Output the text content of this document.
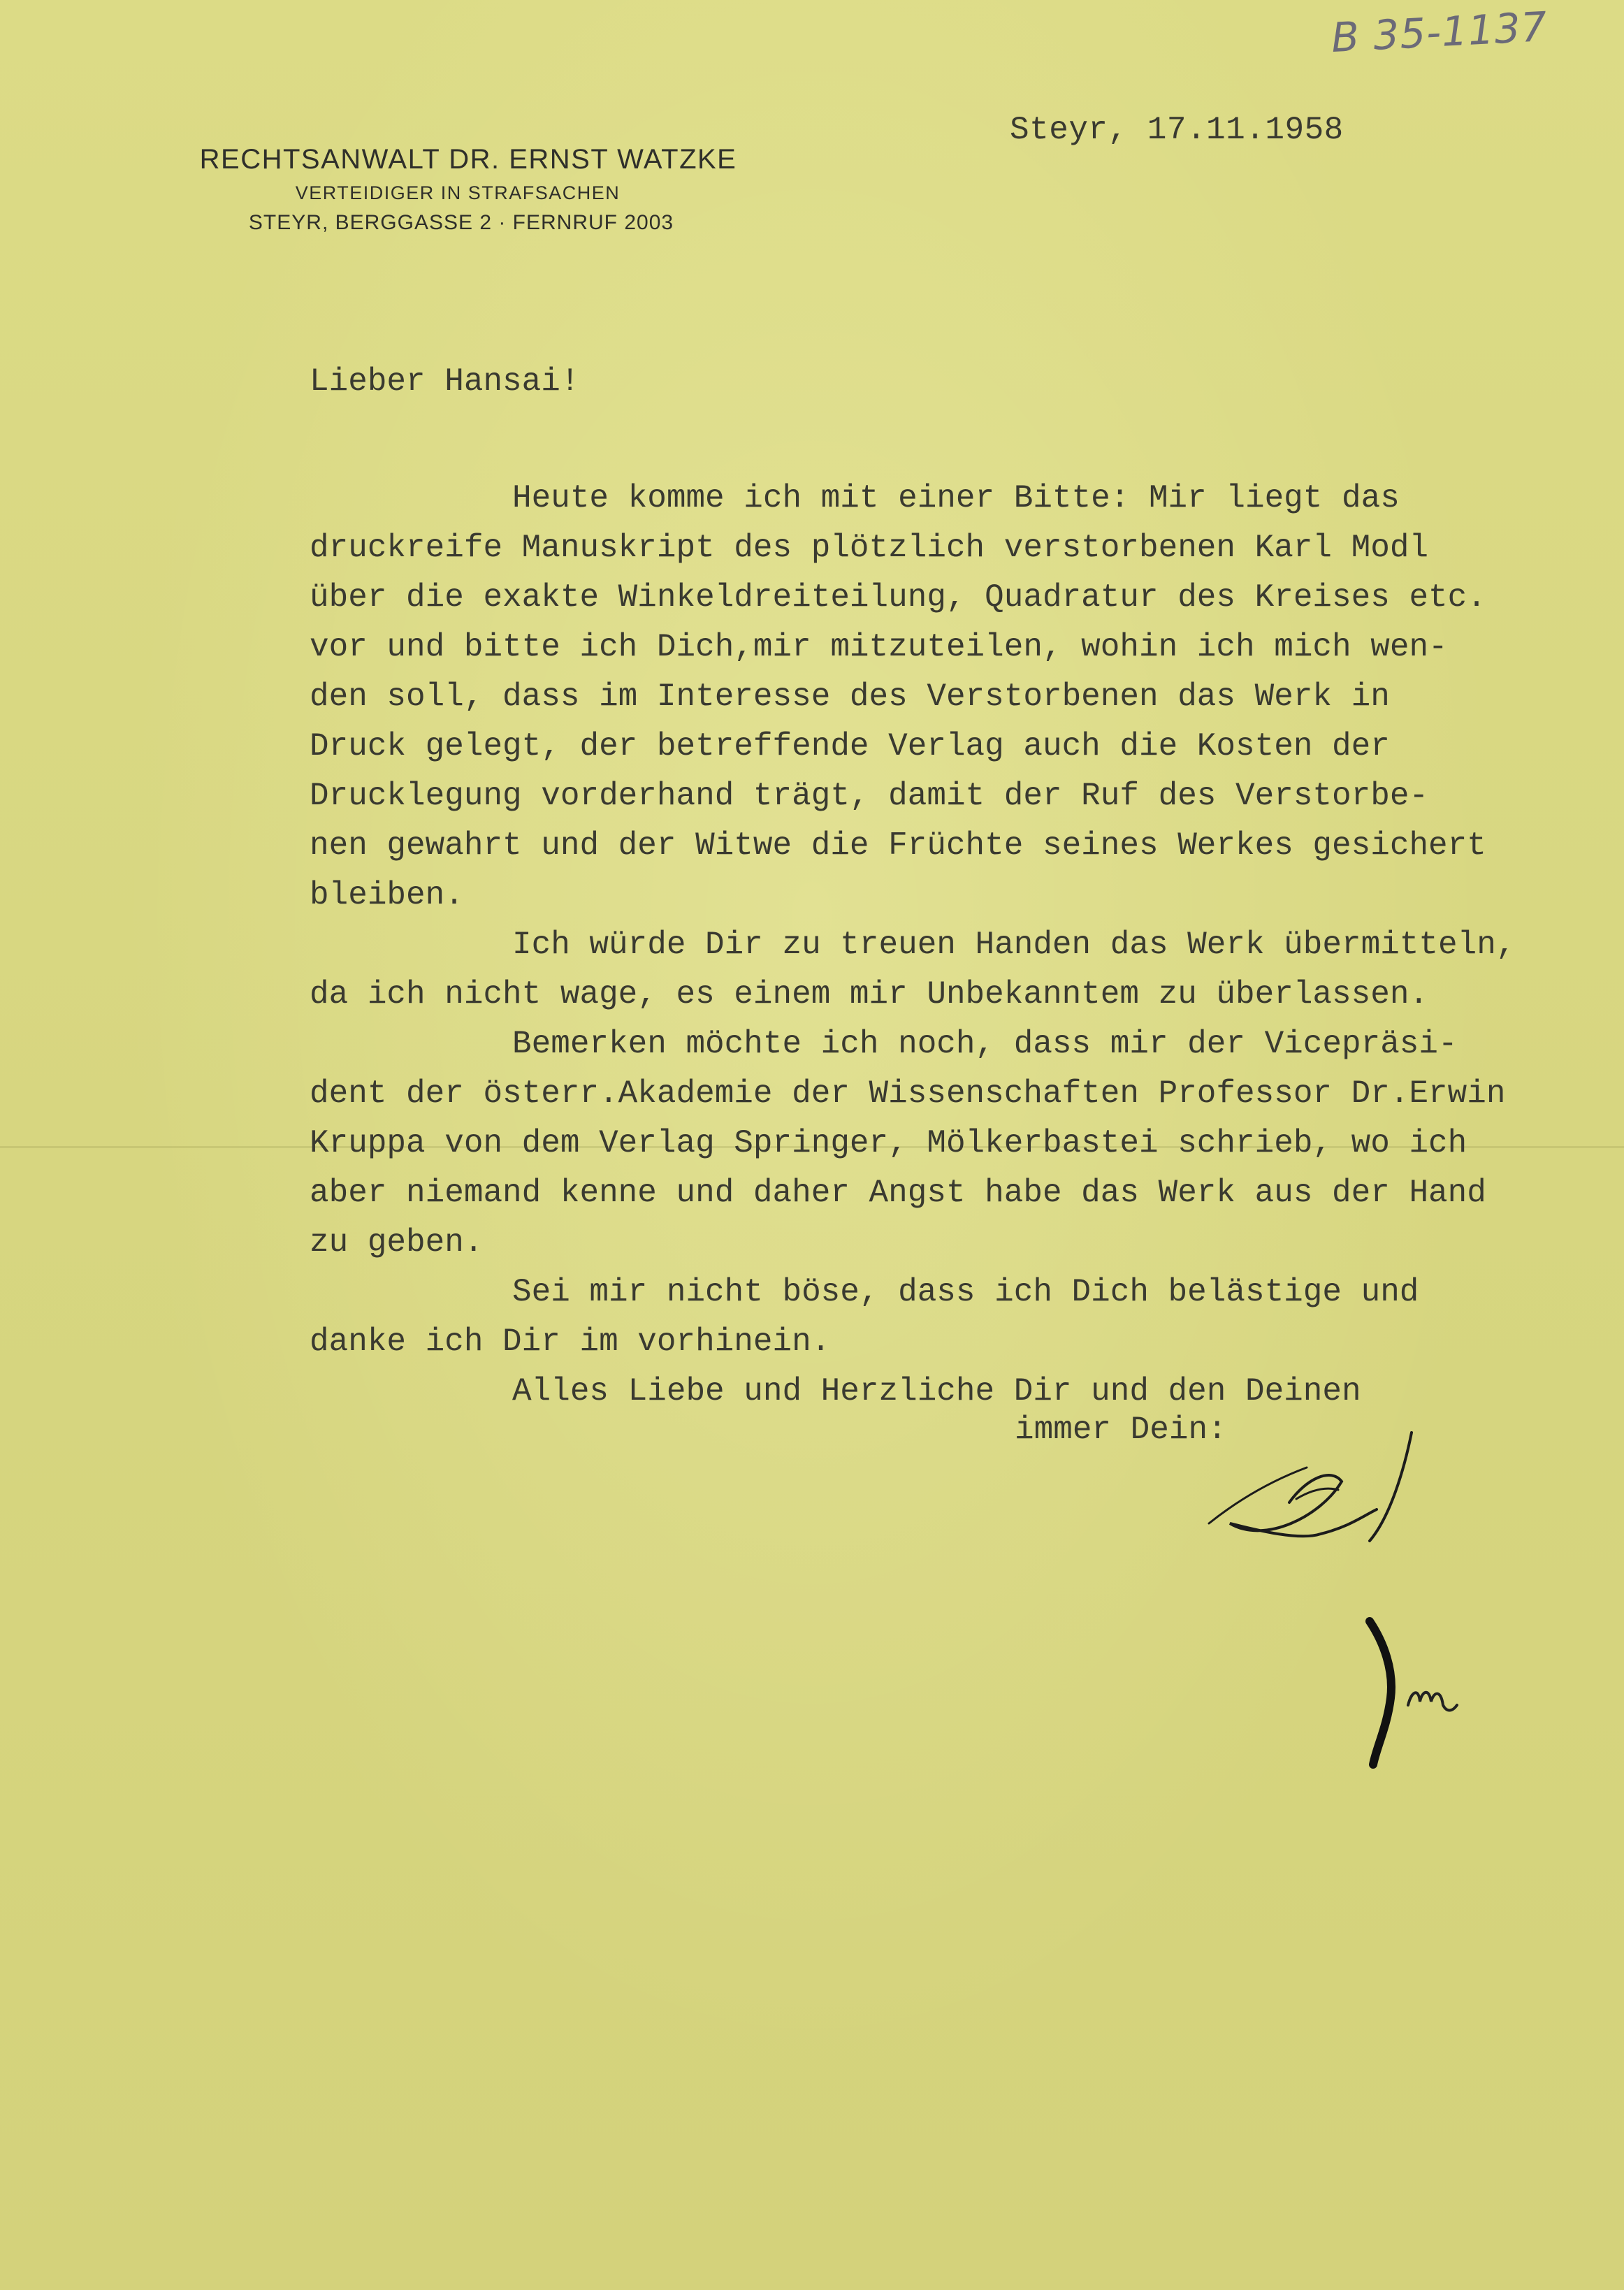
B 35-1137
RECHTSANWALT DR. ERNST WATZKE
VERTEIDIGER IN STRAFSACHEN
STEYR, BERGGASSE 2 · FERNRUF 2003
Steyr, 17.11.1958
Lieber Hansai!
Heute komme ich mit einer Bitte: Mir liegt das
druckreife Manuskript des plötzlich verstorbenen Karl Modl
über die exakte Winkeldreiteilung, Quadratur des Kreises etc.
vor und bitte ich Dich,mir mitzuteilen, wohin ich mich wen-
den soll, dass im Interesse des Verstorbenen das Werk in
Druck gelegt, der betreffende Verlag auch die Kosten der
Drucklegung vorderhand trägt, damit der Ruf des Verstorbe-
nen gewahrt und der Witwe die Früchte seines Werkes gesichert
bleiben.
Ich würde Dir zu treuen Handen das Werk übermitteln,
da ich nicht wage, es einem mir Unbekanntem zu überlassen.
Bemerken möchte ich noch, dass mir der Vicepräsi-
dent der österr.Akademie der Wissenschaften Professor Dr.Erwin
Kruppa von dem Verlag Springer, Mölkerbastei schrieb, wo ich
aber niemand kenne und daher Angst habe das Werk aus der Hand
zu geben.
Sei mir nicht böse, dass ich Dich belästige und
danke ich Dir im vorhinein.
Alles Liebe und Herzliche Dir und den Deinen
immer Dein:
